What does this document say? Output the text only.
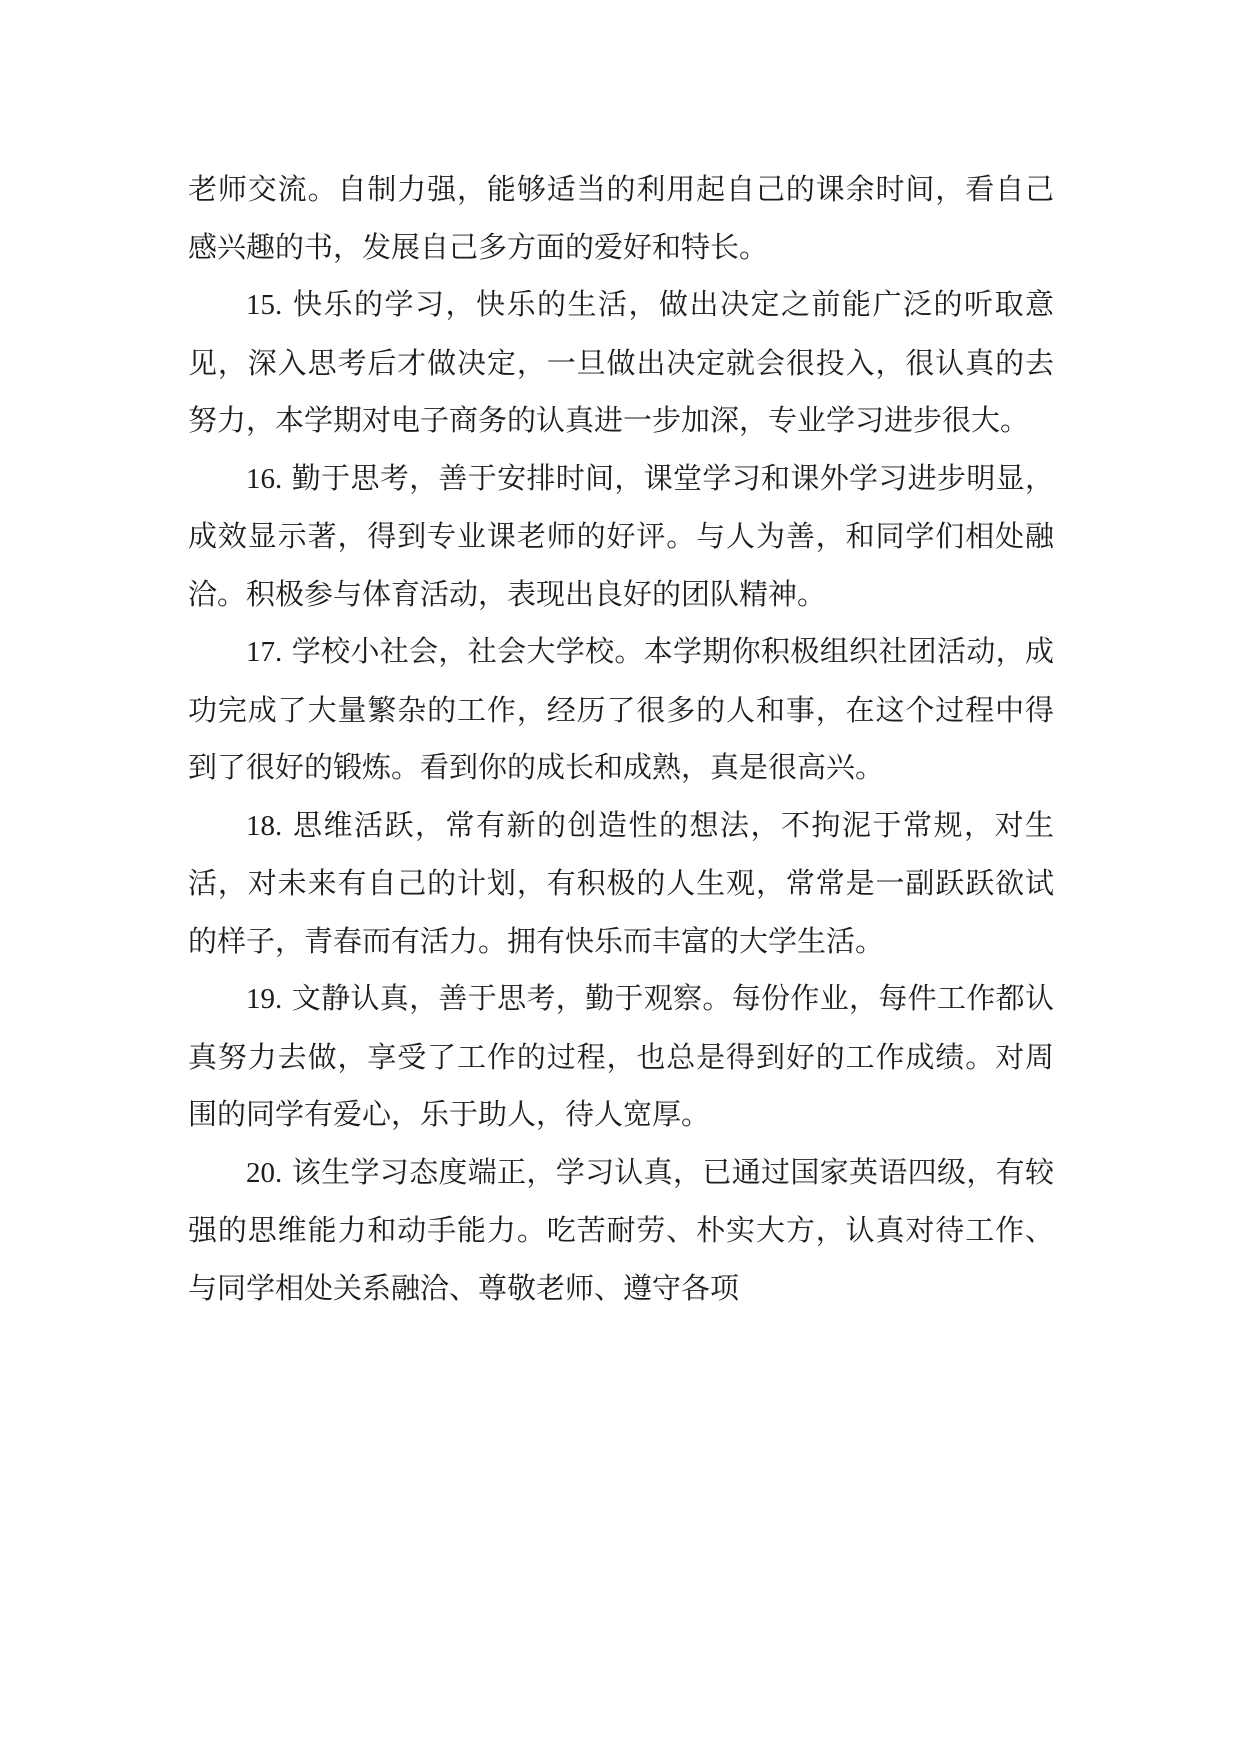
老师交流。自制力强，能够适当的利用起自己的课余时间，看自己感兴趣的书，发展自己多方面的爱好和特长。

15. 快乐的学习，快乐的生活，做出决定之前能广泛的听取意见，深入思考后才做决定，一旦做出决定就会很投入，很认真的去努力，本学期对电子商务的认真进一步加深，专业学习进步很大。

16. 勤于思考，善于安排时间，课堂学习和课外学习进步明显，成效显示著，得到专业课老师的好评。与人为善，和同学们相处融洽。积极参与体育活动，表现出良好的团队精神。

17. 学校小社会，社会大学校。本学期你积极组织社团活动，成功完成了大量繁杂的工作，经历了很多的人和事，在这个过程中得到了很好的锻炼。看到你的成长和成熟，真是很高兴。

18. 思维活跃，常有新的创造性的想法，不拘泥于常规，对生活，对未来有自己的计划，有积极的人生观，常常是一副跃跃欲试的样子，青春而有活力。拥有快乐而丰富的大学生活。

19. 文静认真，善于思考，勤于观察。每份作业，每件工作都认真努力去做，享受了工作的过程，也总是得到好的工作成绩。对周围的同学有爱心，乐于助人，待人宽厚。

20. 该生学习态度端正，学习认真，已通过国家英语四级，有较强的思维能力和动手能力。吃苦耐劳、朴实大方，认真对待工作、与同学相处关系融洽、尊敬老师、遵守各项
